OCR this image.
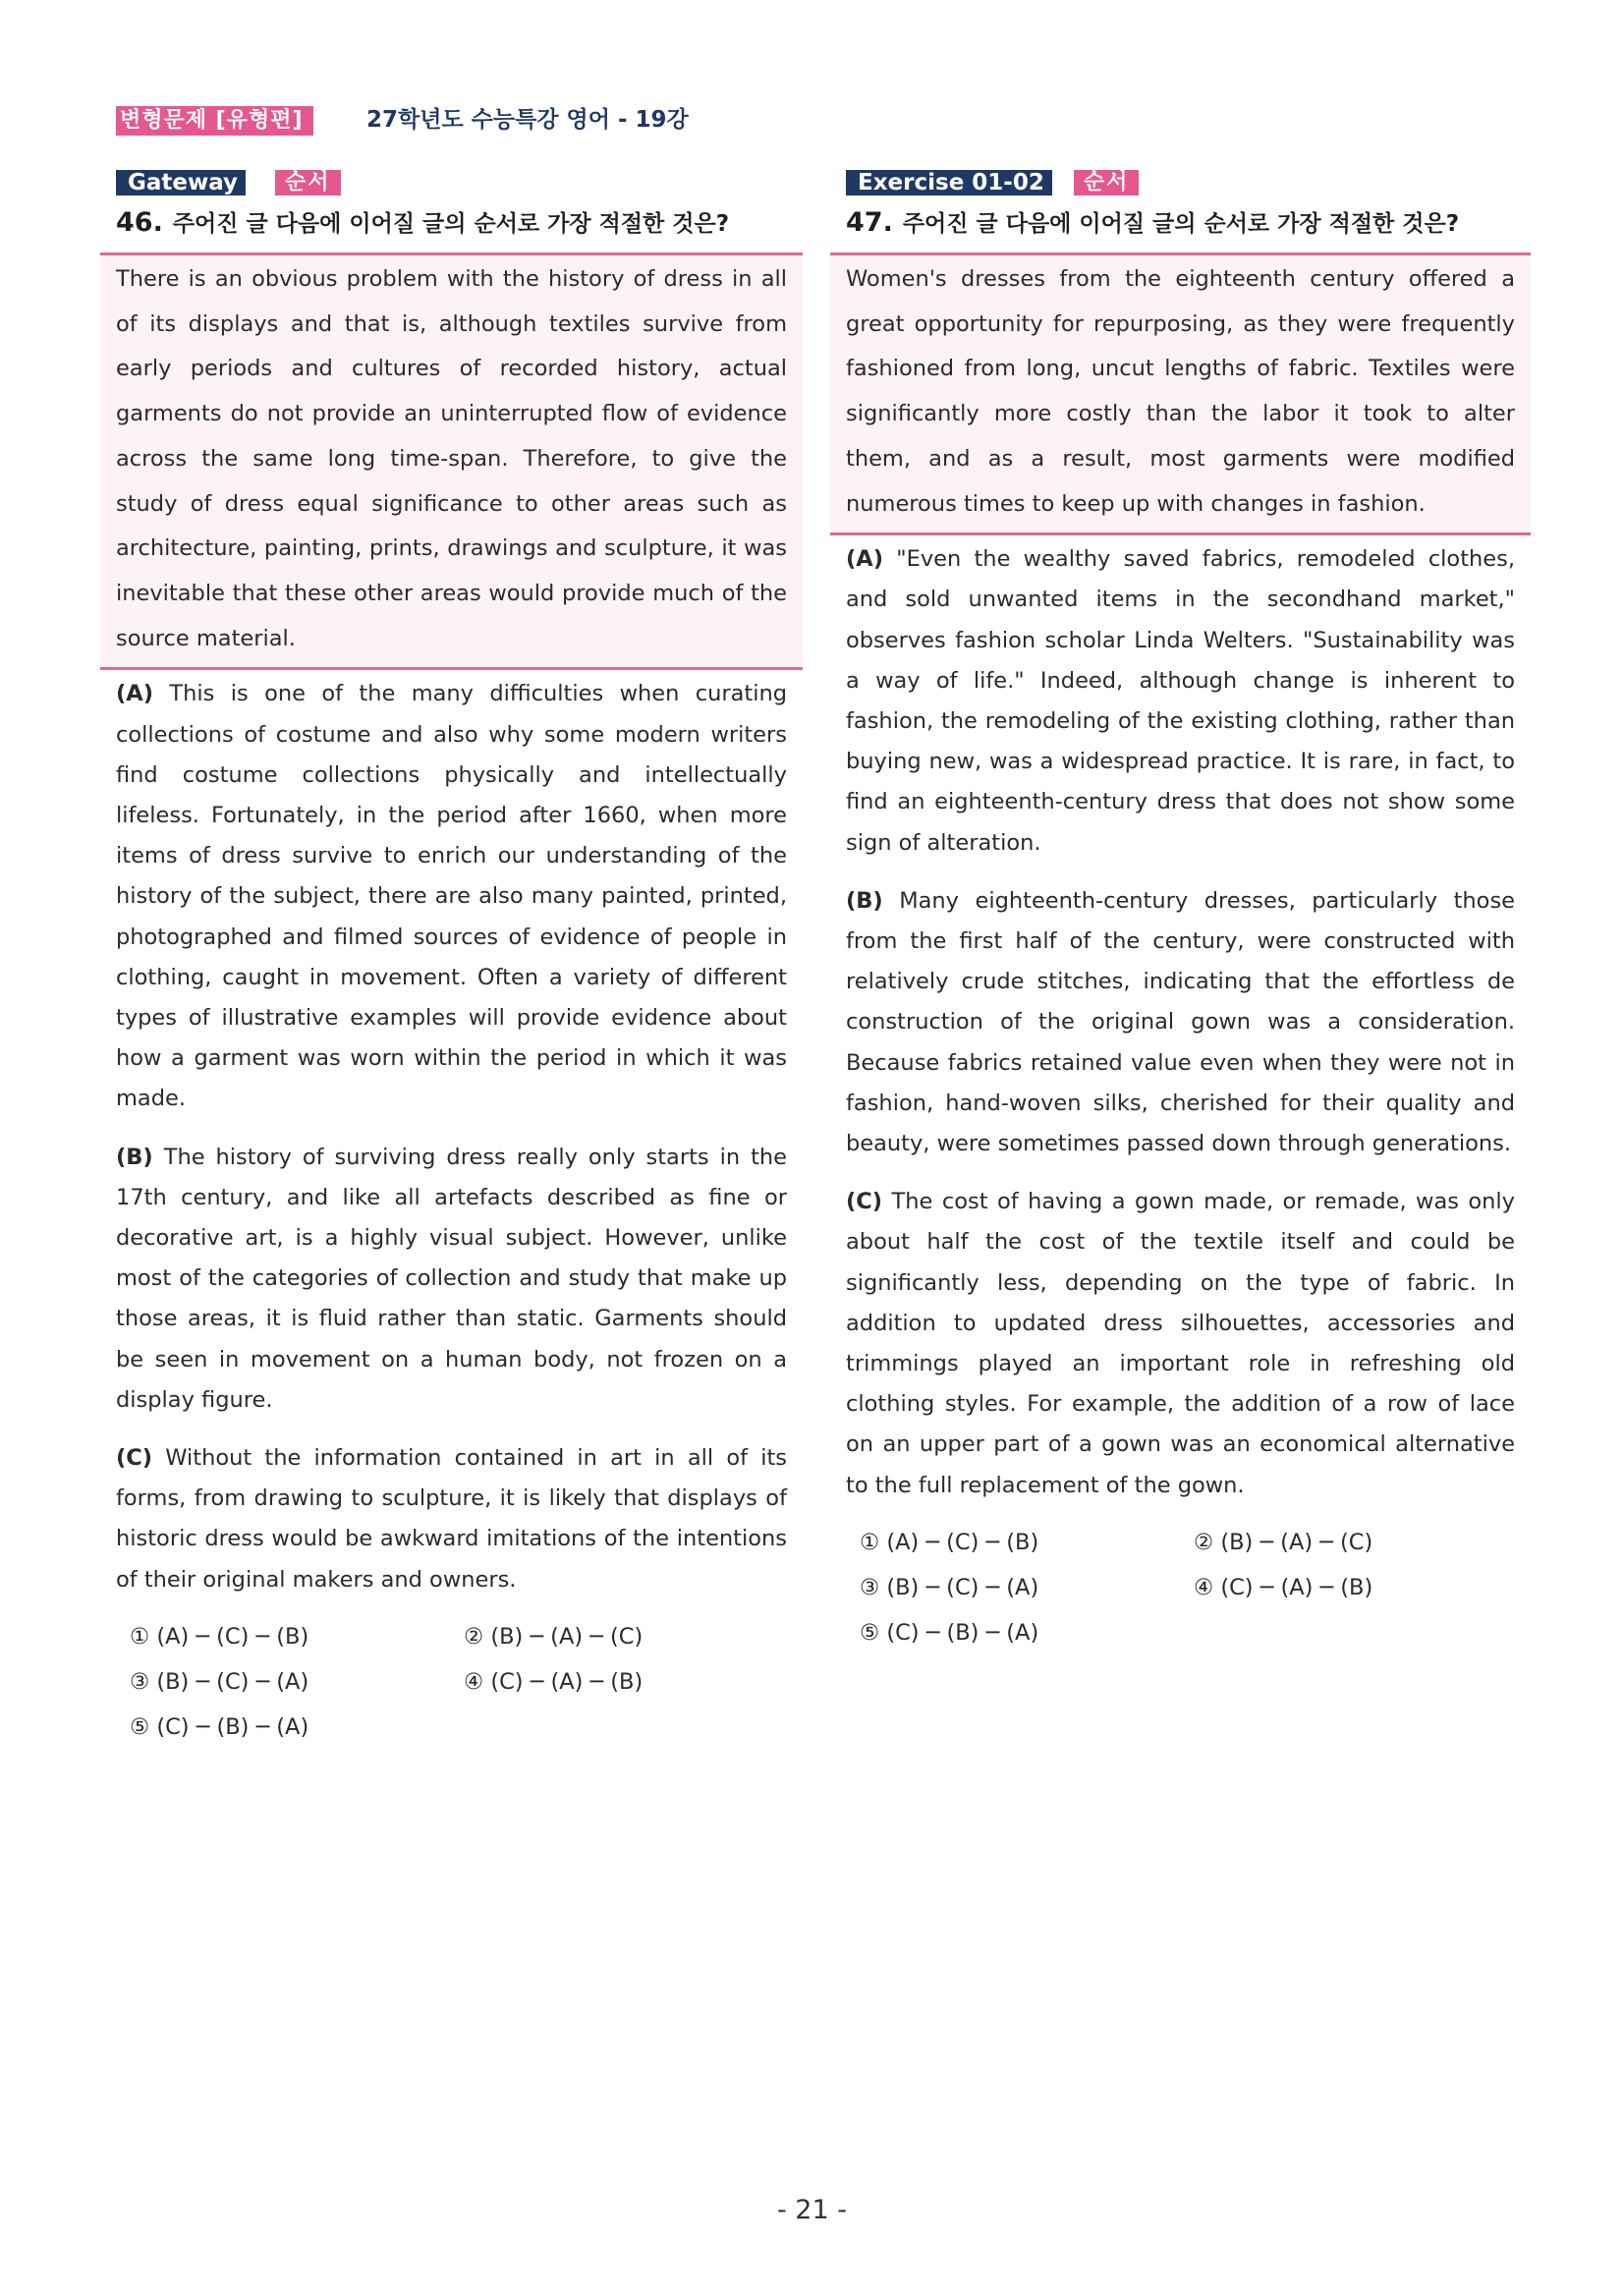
변형문제 [유형편]	27학년도 수능특강 영어 - 19강
Gateway	순서
46. 주어진 글 다음에 이어질 글의 순서로 가장 적절한 것은?

There is an obvious problem with the history of dress in all of its displays and that is, although textiles survive from early periods and cultures of recorded history, actual garments do not provide an uninterrupted flow of evidence across the same long time-span. Therefore, to give the study of dress equal significance to other areas such as architecture, painting, prints, drawings and sculpture, it was inevitable that these other areas would provide much of the source material.

(A) This is one of the many difficulties when curating collections of costume and also why some modern writers find costume collections physically and intellectually lifeless. Fortunately, in the period after 1660, when more items of dress survive to enrich our understanding of the history of the subject, there are also many painted, printed, photographed and filmed sources of evidence of people in clothing, caught in movement. Often a variety of different types of illustrative examples will provide evidence about how a garment was worn within the period in which it was made.
(B) The history of surviving dress really only starts in the 17th century, and like all artefacts described as fine or decorative art, is a highly visual subject. However, unlike most of the categories of collection and study that make up those areas, it is fluid rather than static. Garments should be seen in movement on a human body, not frozen on a display figure.
(C) Without the information contained in art in all of its forms, from drawing to sculpture, it is likely that displays of historic dress would be awkward imitations of the intentions of their original makers and owners.
① (A) ─ (C) ─ (B)	② (B) ─ (A) ─ (C)
③ (B) ─ (C) ─ (A)	④ (C) ─ (A) ─ (B)
⑤ (C) ─ (B) ─ (A)
Exercise 01-02	순서
47. 주어진 글 다음에 이어질 글의 순서로 가장 적절한 것은?

Women's dresses from the eighteenth century offered a great opportunity for repurposing, as they were frequently fashioned from long, uncut lengths of fabric. Textiles were significantly more costly than the labor it took to alter them, and as a result, most garments were modified numerous times to keep up with changes in fashion.

(A) "Even the wealthy saved fabrics, remodeled clothes, and sold unwanted items in the secondhand market," observes fashion scholar Linda Welters. "Sustainability was a way of life." Indeed, although change is inherent to fashion, the remodeling of the existing clothing, rather than buying new, was a widespread practice. It is rare, in fact, to find an eighteenth-century dress that does not show some sign of alteration.
(B) Many eighteenth-century dresses, particularly those from the first half of the century, were constructed with relatively crude stitches, indicating that the effortless de construction of the original gown was a consideration. Because fabrics retained value even when they were not in fashion, hand-woven silks, cherished for their quality and beauty, were sometimes passed down through generations.
(C) The cost of having a gown made, or remade, was only about half the cost of the textile itself and could be significantly less, depending on the type of fabric. In addition to updated dress silhouettes, accessories and trimmings played an important role in refreshing old clothing styles. For example, the addition of a row of lace on an upper part of a gown was an economical alternative to the full replacement of the gown.
① (A) ─ (C) ─ (B)	② (B) ─ (A) ─ (C)
③ (B) ─ (C) ─ (A)	④ (C) ─ (A) ─ (B)
⑤ (C) ─ (B) ─ (A)
- 21 -
